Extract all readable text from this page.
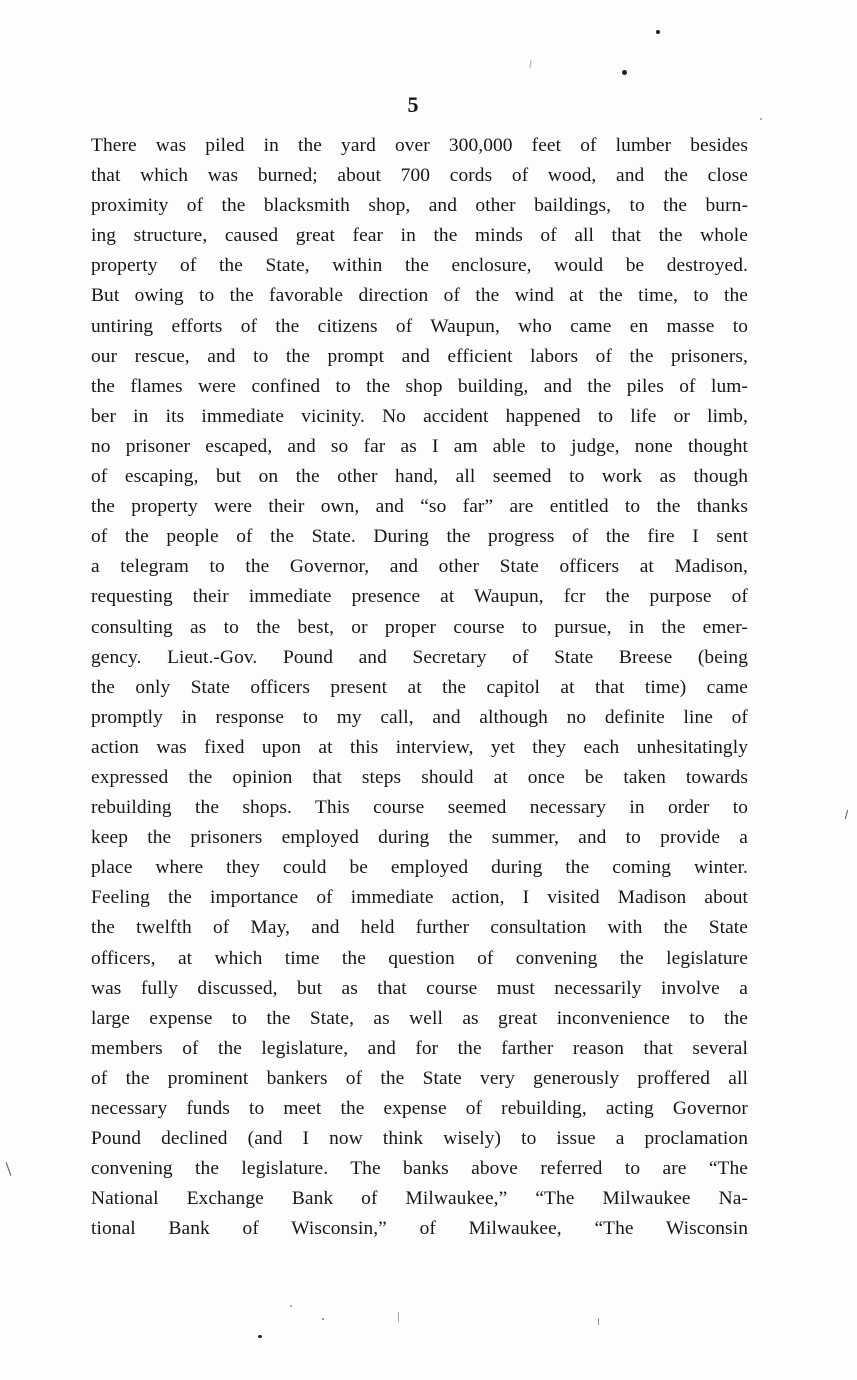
5
There was piled in the yard over 300,000 feet of lumber besides
that which was burned; about 700 cords of wood, and the close
proximity of the blacksmith shop, and other baildings, to the burn-
ing structure, caused great fear in the minds of all that the whole
property of the State, within the enclosure, would be destroyed.
But owing to the favorable direction of the wind at the time, to the
untiring efforts of the citizens of Waupun, who came en masse to
our rescue, and to the prompt and efficient labors of the prisoners,
the flames were confined to the shop building, and the piles of lum-
ber in its immediate vicinity. No accident happened to life or limb,
no prisoner escaped, and so far as I am able to judge, none thought
of escaping, but on the other hand, all seemed to work as though
the property were their own, and “so far” are entitled to the thanks
of the people of the State. During the progress of the fire I sent
a telegram to the Governor, and other State officers at Madison,
requesting their immediate presence at Waupun, fcr the purpose of
consulting as to the best, or proper course to pursue, in the emer-
gency. Lieut.-Gov. Pound and Secretary of State Breese (being
the only State officers present at the capitol at that time) came
promptly in response to my call, and although no definite line of
action was fixed upon at this interview, yet they each unhesitatingly
expressed the opinion that steps should at once be taken towards
rebuilding the shops. This course seemed necessary in order to
keep the prisoners employed during the summer, and to provide a
place where they could be employed during the coming winter.
Feeling the importance of immediate action, I visited Madison about
the twelfth of May, and held further consultation with the State
officers, at which time the question of convening the legislature
was fully discussed, but as that course must necessarily involve a
large expense to the State, as well as great inconvenience to the
members of the legislature, and for the farther reason that several
of the prominent bankers of the State very generously proffered all
necessary funds to meet the expense of rebuilding, acting Governor
Pound declined (and I now think wisely) to issue a proclamation
convening the legislature. The banks above referred to are “The
National Exchange Bank of Milwaukee,” “The Milwaukee Na-
tional Bank of Wisconsin,” of Milwaukee, “The Wisconsin
